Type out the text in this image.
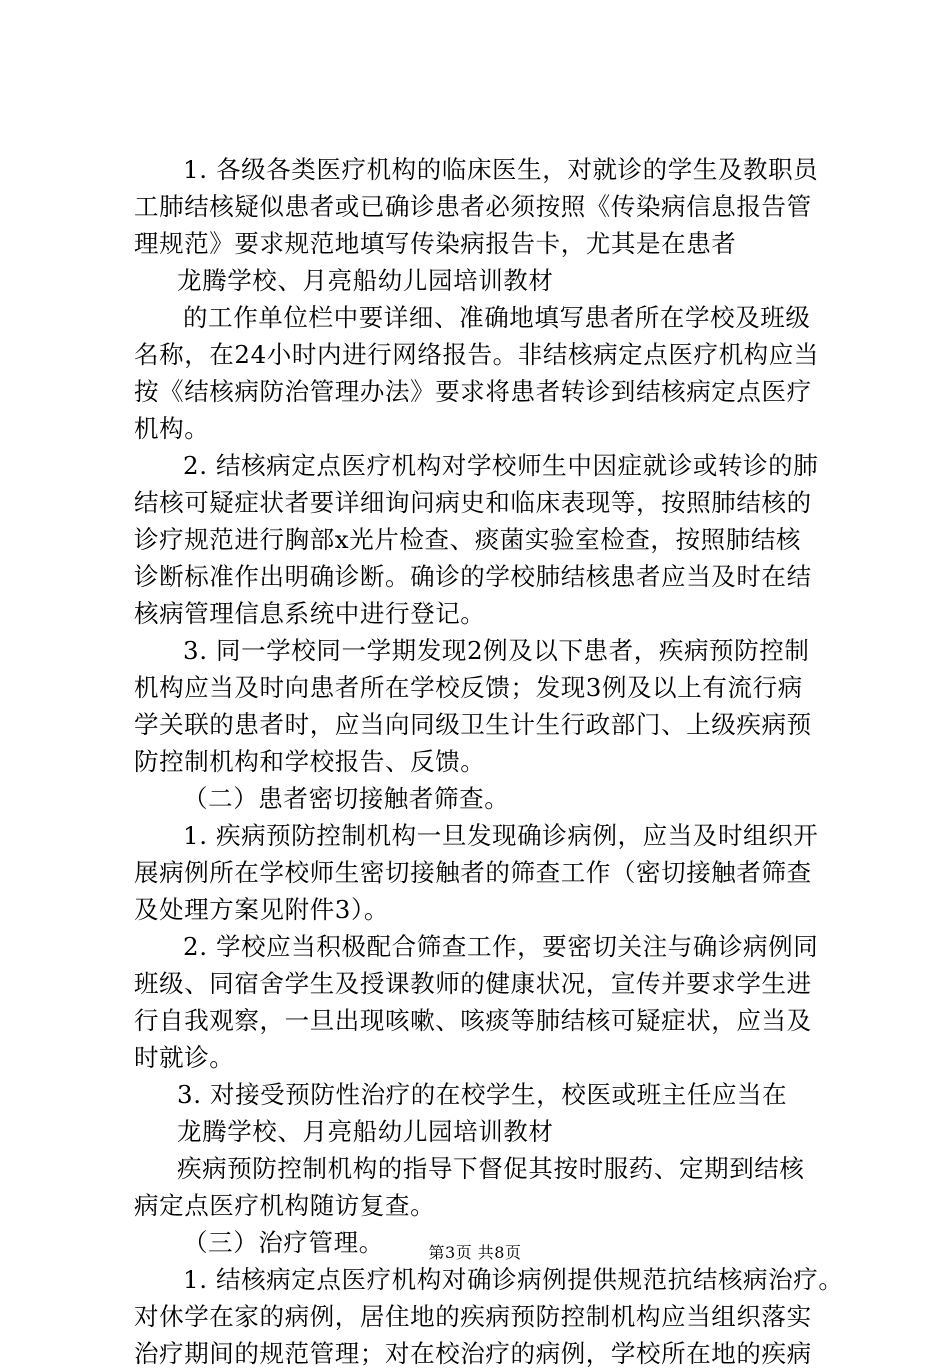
1. 各级各类医疗机构的临床医生，对就诊的学生及教职员
工肺结核疑似患者或已确诊患者必须按照《传染病信息报告管
理规范》要求规范地填写传染病报告卡，尤其是在患者
龙腾学校、月亮船幼儿园培训教材
的工作单位栏中要详细、准确地填写患者所在学校及班级
名称，在24小时内进行网络报告。非结核病定点医疗机构应当
按《结核病防治管理办法》要求将患者转诊到结核病定点医疗
机构。
2. 结核病定点医疗机构对学校师生中因症就诊或转诊的肺
结核可疑症状者要详细询问病史和临床表现等，按照肺结核的
诊疗规范进行胸部x光片检查、痰菌实验室检查，按照肺结核
诊断标准作出明确诊断。确诊的学校肺结核患者应当及时在结
核病管理信息系统中进行登记。
3. 同一学校同一学期发现2例及以下患者，疾病预防控制
机构应当及时向患者所在学校反馈；发现3例及以上有流行病
学关联的患者时，应当向同级卫生计生行政部门、上级疾病预
防控制机构和学校报告、反馈。
（二）患者密切接触者筛查。
1. 疾病预防控制机构一旦发现确诊病例，应当及时组织开
展病例所在学校师生密切接触者的筛查工作（密切接触者筛查
及处理方案见附件3）。
2. 学校应当积极配合筛查工作，要密切关注与确诊病例同
班级、同宿舍学生及授课教师的健康状况，宣传并要求学生进
行自我观察，一旦出现咳嗽、咳痰等肺结核可疑症状，应当及
时就诊。
3. 对接受预防性治疗的在校学生，校医或班主任应当在
龙腾学校、月亮船幼儿园培训教材
疾病预防控制机构的指导下督促其按时服药、定期到结核
病定点医疗机构随访复查。
（三）治疗管理。
1. 结核病定点医疗机构对确诊病例提供规范抗结核病治疗。
对休学在家的病例，居住地的疾病预防控制机构应当组织落实
治疗期间的规范管理；对在校治疗的病例，学校所在地的疾病
第3页 共8页
